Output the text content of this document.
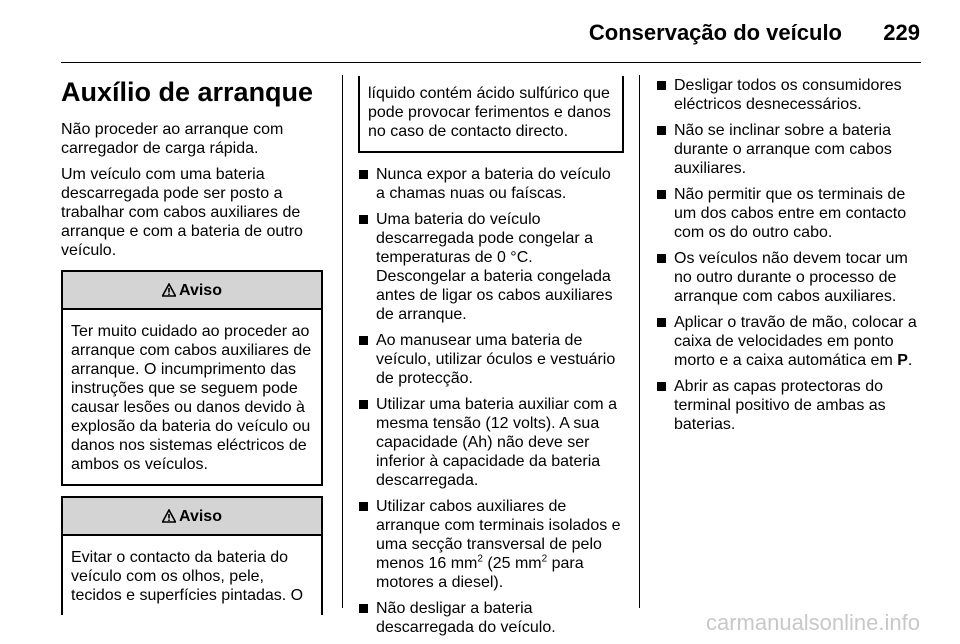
Conservação do veículo 229
Auxílio de arranque

Não proceder ao arranque com carregador de carga rápida.

Um veículo com uma bateria descarregada pode ser posto a trabalhar com cabos auxiliares de arranque e com a bateria de outro veículo.

Aviso
Ter muito cuidado ao proceder ao arranque com cabos auxiliares de arranque. O incumprimento das instruções que se seguem pode causar lesões ou danos devido à explosão da bateria do veículo ou danos nos sistemas eléctricos de ambos os veículos.
Aviso
Evitar o contacto da bateria do veículo com os olhos, pele, tecidos e superfícies pintadas. O
líquido contém ácido sulfúrico que pode provocar ferimentos e danos no caso de contacto directo.
Nunca expor a bateria do veículo a chamas nuas ou faíscas.
Uma bateria do veículo descarregada pode congelar a temperaturas de 0 °C. Descongelar a bateria congelada antes de ligar os cabos auxiliares de arranque.
Ao manusear uma bateria de veículo, utilizar óculos e vestuário de protecção.
Utilizar uma bateria auxiliar com a mesma tensão (12 volts). A sua capacidade (Ah) não deve ser inferior à capacidade da bateria descarregada.
Utilizar cabos auxiliares de arranque com terminais isolados e uma secção transversal de pelo menos 16 $mm^2$ (25 $mm^2$ para motores a diesel).
Não desligar a bateria descarregada do veículo.
Desligar todos os consumidores eléctricos desnecessários.
Não se inclinar sobre a bateria durante o arranque com cabos auxiliares.
Não permitir que os terminais de um dos cabos entre em contacto com os do outro cabo.
Os veículos não devem tocar um no outro durante o processo de arranque com cabos auxiliares.
Aplicar o travão de mão, colocar a caixa de velocidades em ponto morto e a caixa automática em P.
Abrir as capas protectoras do terminal positivo de ambas as baterias.
carmanualsonline.info
